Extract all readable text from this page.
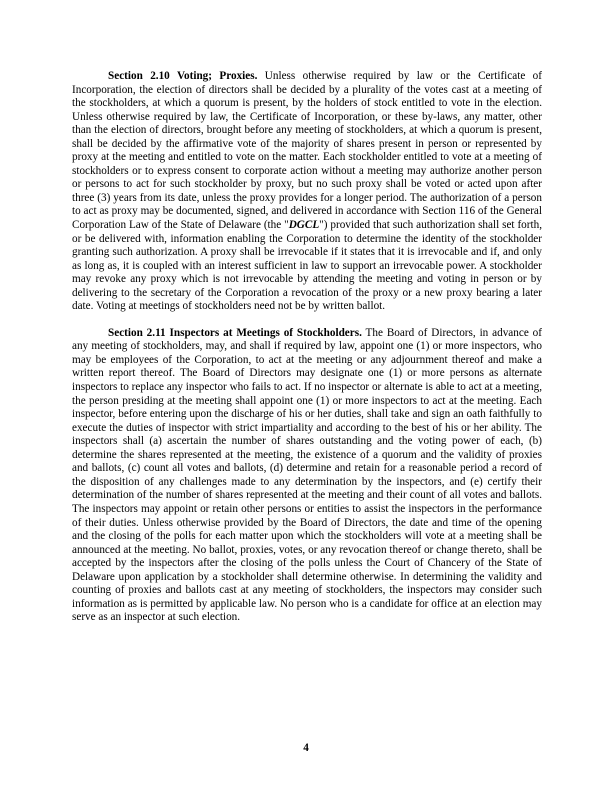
Section 2.10 Voting; Proxies. Unless otherwise required by law or the Certificate of Incorporation, the election of directors shall be decided by a plurality of the votes cast at a meeting of the stockholders, at which a quorum is present, by the holders of stock entitled to vote in the election. Unless otherwise required by law, the Certificate of Incorporation, or these by-laws, any matter, other than the election of directors, brought before any meeting of stockholders, at which a quorum is present, shall be decided by the affirmative vote of the majority of shares present in person or represented by proxy at the meeting and entitled to vote on the matter. Each stockholder entitled to vote at a meeting of stockholders or to express consent to corporate action without a meeting may authorize another person or persons to act for such stockholder by proxy, but no such proxy shall be voted or acted upon after three (3) years from its date, unless the proxy provides for a longer period. The authorization of a person to act as proxy may be documented, signed, and delivered in accordance with Section 116 of the General Corporation Law of the State of Delaware (the "DGCL") provided that such authorization shall set forth, or be delivered with, information enabling the Corporation to determine the identity of the stockholder granting such authorization. A proxy shall be irrevocable if it states that it is irrevocable and if, and only as long as, it is coupled with an interest sufficient in law to support an irrevocable power. A stockholder may revoke any proxy which is not irrevocable by attending the meeting and voting in person or by delivering to the secretary of the Corporation a revocation of the proxy or a new proxy bearing a later date. Voting at meetings of stockholders need not be by written ballot.

Section 2.11 Inspectors at Meetings of Stockholders. The Board of Directors, in advance of any meeting of stockholders, may, and shall if required by law, appoint one (1) or more inspectors, who may be employees of the Corporation, to act at the meeting or any adjournment thereof and make a written report thereof. The Board of Directors may designate one (1) or more persons as alternate inspectors to replace any inspector who fails to act. If no inspector or alternate is able to act at a meeting, the person presiding at the meeting shall appoint one (1) or more inspectors to act at the meeting. Each inspector, before entering upon the discharge of his or her duties, shall take and sign an oath faithfully to execute the duties of inspector with strict impartiality and according to the best of his or her ability. The inspectors shall (a) ascertain the number of shares outstanding and the voting power of each, (b) determine the shares represented at the meeting, the existence of a quorum and the validity of proxies and ballots, (c) count all votes and ballots, (d) determine and retain for a reasonable period a record of the disposition of any challenges made to any determination by the inspectors, and (e) certify their determination of the number of shares represented at the meeting and their count of all votes and ballots. The inspectors may appoint or retain other persons or entities to assist the inspectors in the performance of their duties. Unless otherwise provided by the Board of Directors, the date and time of the opening and the closing of the polls for each matter upon which the stockholders will vote at a meeting shall be announced at the meeting. No ballot, proxies, votes, or any revocation thereof or change thereto, shall be accepted by the inspectors after the closing of the polls unless the Court of Chancery of the State of Delaware upon application by a stockholder shall determine otherwise. In determining the validity and counting of proxies and ballots cast at any meeting of stockholders, the inspectors may consider such information as is permitted by applicable law. No person who is a candidate for office at an election may serve as an inspector at such election.

4
